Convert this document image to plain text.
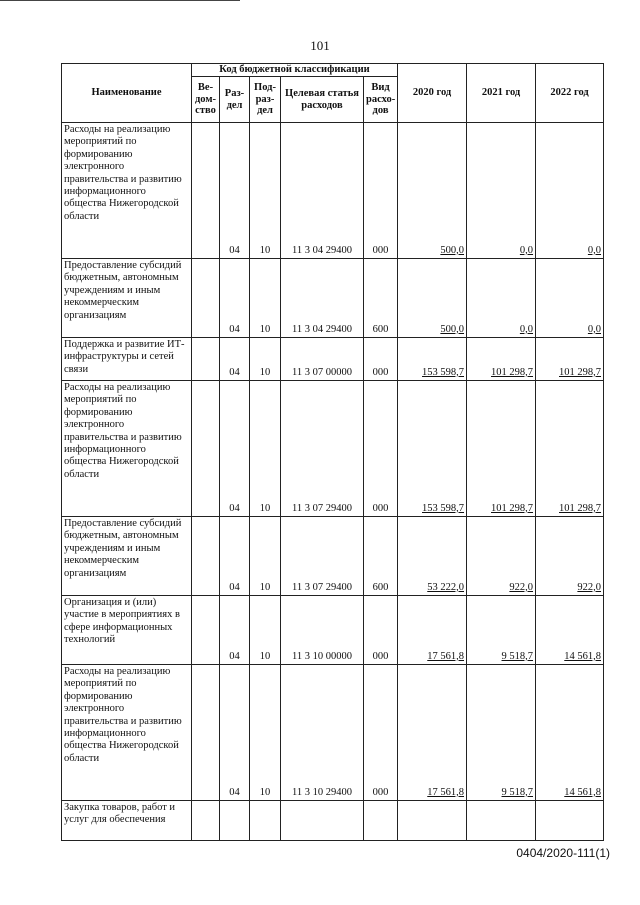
101
Наименование	Код бюджетной классификации					2020 год	2021 год	2022 год
	Ве-дом-ство	Раз-дел	Под-раз-дел	Целевая статья расходов	Вид расхо-дов			
Расходы на реализацию мероприятий по формированию электронного правительства и развитию информационного общества Нижегородской области		04	10	11 3 04 29400	000	500,0	0,0	0,0
Предоставление субсидий бюджетным, автономным учреждениям и иным некоммерческим организациям		04	10	11 3 04 29400	600	500,0	0,0	0,0
Поддержка и развитие ИТ-инфраструктуры и сетей связи		04	10	11 3 07 00000	000	153 598,7	101 298,7	101 298,7
Расходы на реализацию мероприятий по формированию электронного правительства и развитию информационного общества Нижегородской области		04	10	11 3 07 29400	000	153 598,7	101 298,7	101 298,7
Предоставление субсидий бюджетным, автономным учреждениям и иным некоммерческим организациям		04	10	11 3 07 29400	600	53 222,0	922,0	922,0
Организация и (или) участие в мероприятиях в сфере информационных технологий		04	10	11 3 10 00000	000	17 561,8	9 518,7	14 561,8
Расходы на реализацию мероприятий по формированию электронного правительства и развитию информационного общества Нижегородской области		04	10	11 3 10 29400	000	17 561,8	9 518,7	14 561,8
Закупка товаров, работ и услуг для обеспечения								
0404/2020-111(1)
